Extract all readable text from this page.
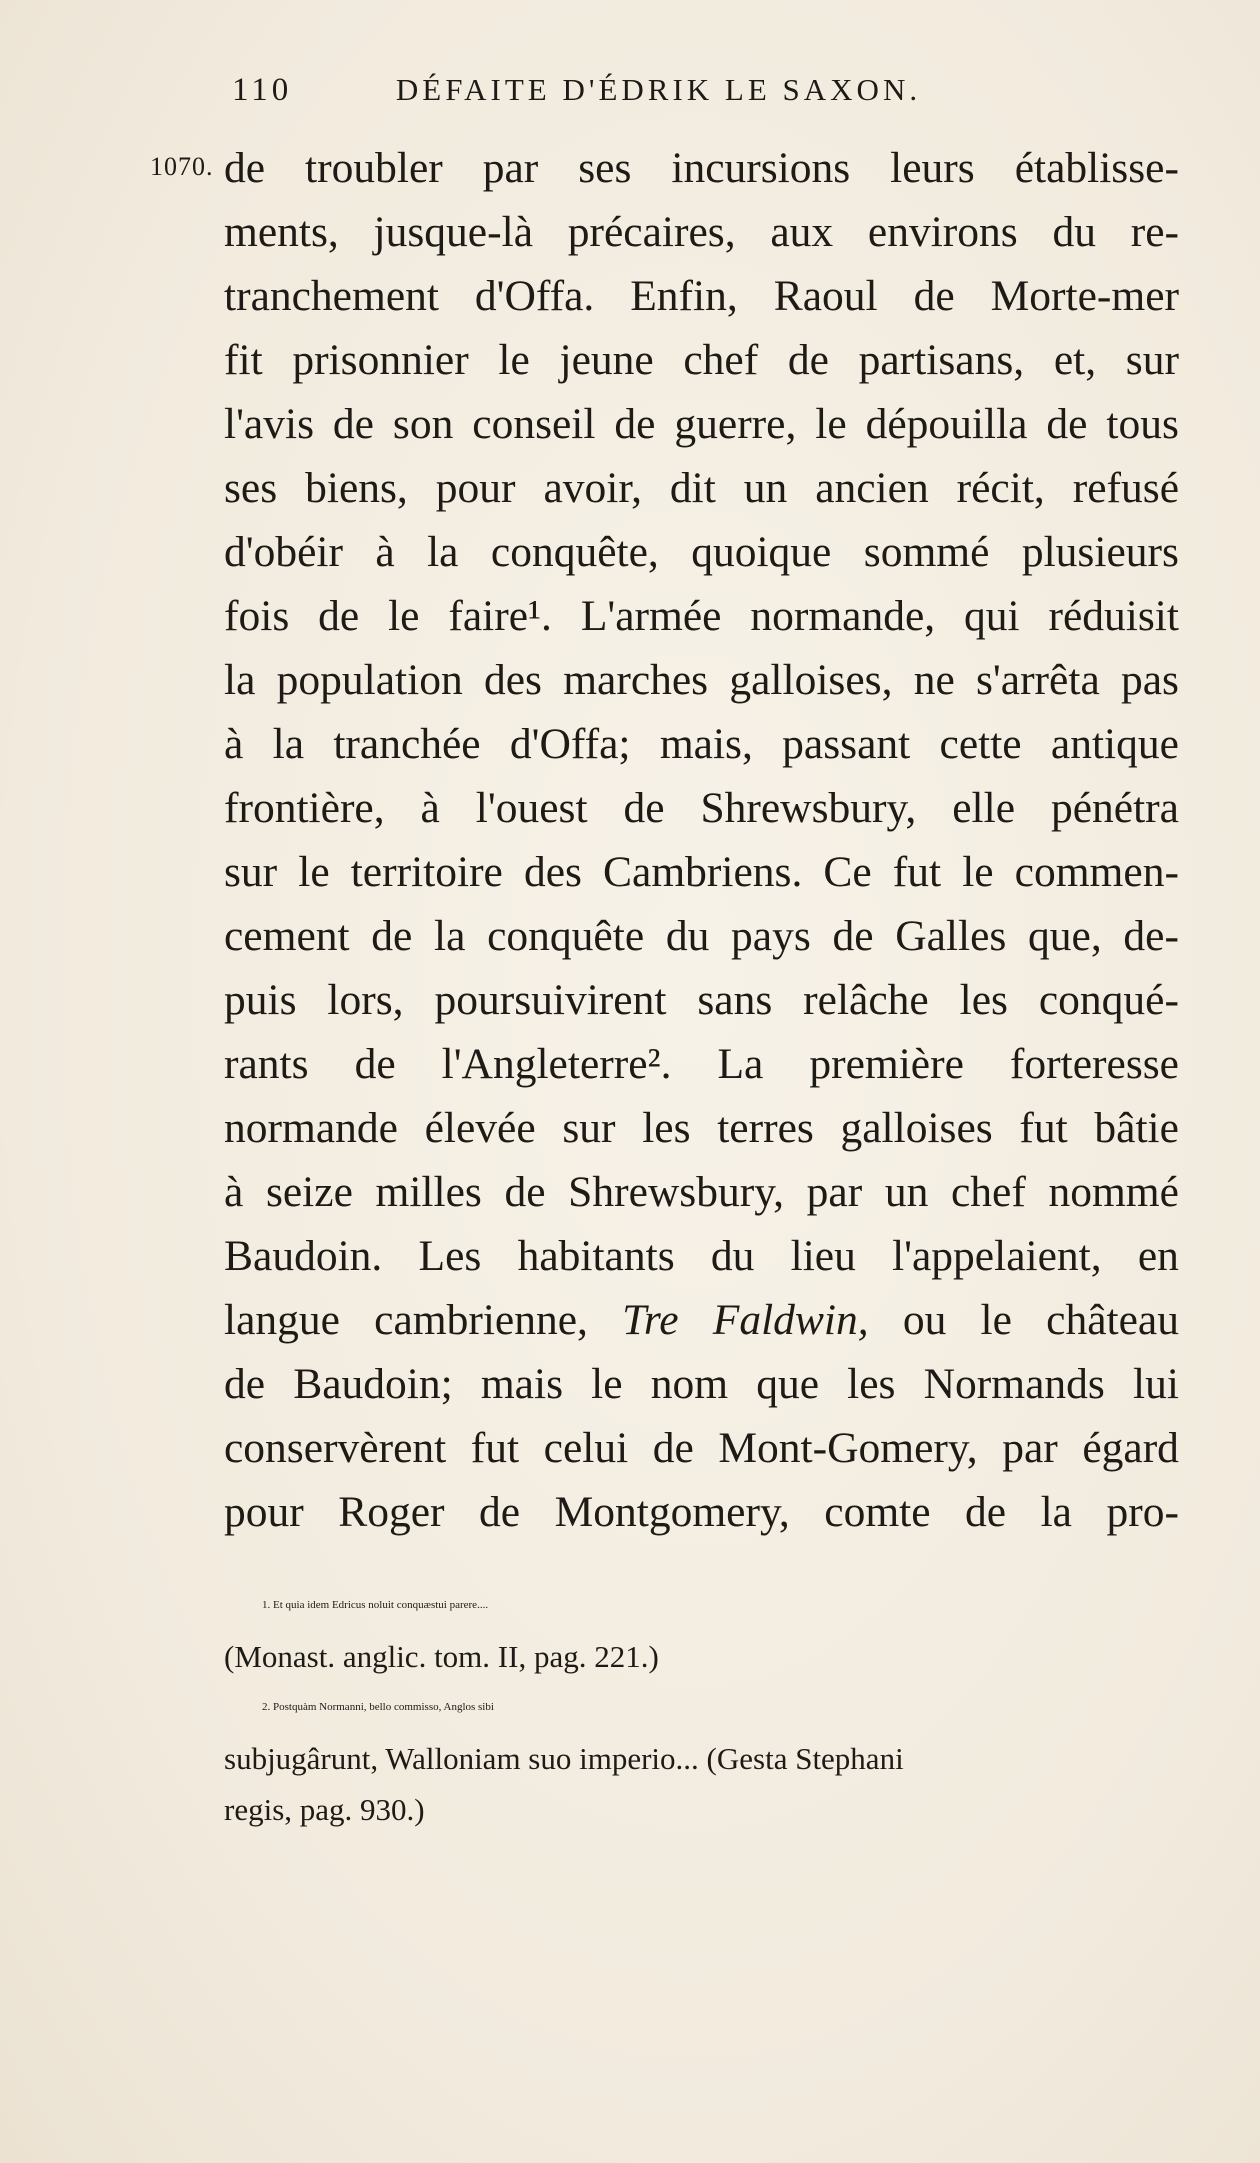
110	DÉFAITE D'ÉDRIK LE SAXON.
1070. de troubler par ses incursions leurs établisse-
ments, jusque-là précaires, aux environs du re-
tranchement d'Offa. Enfin, Raoul de Morte-mer
fit prisonnier le jeune chef de partisans, et, sur
l'avis de son conseil de guerre, le dépouilla de tous
ses biens, pour avoir, dit un ancien récit, refusé
d'obéir à la conquête, quoique sommé plusieurs
fois de le faire¹. L'armée normande, qui réduisit
la population des marches galloises, ne s'arrêta pas
à la tranchée d'Offa; mais, passant cette antique
frontière, à l'ouest de Shrewsbury, elle pénétra
sur le territoire des Cambriens. Ce fut le commen-
cement de la conquête du pays de Galles que, de-
puis lors, poursuivirent sans relâche les conqué-
rants de l'Angleterre². La première forteresse
normande élevée sur les terres galloises fut bâtie
à seize milles de Shrewsbury, par un chef nommé
Baudoin. Les habitants du lieu l'appelaient, en
langue cambrienne, Tre Faldwin, ou le château
de Baudoin; mais le nom que les Normands lui
conservèrent fut celui de Mont-Gomery, par égard
pour Roger de Montgomery, comte de la pro-
1. Et quia idem Edricus noluit conquæstui parere....
(Monast. anglic. tom. II, pag. 221.)
2. Postquàm Normanni, bello commisso, Anglos sibi
subjugârunt, Walloniam suo imperio... (Gesta Stephani
regis, pag. 930.)
